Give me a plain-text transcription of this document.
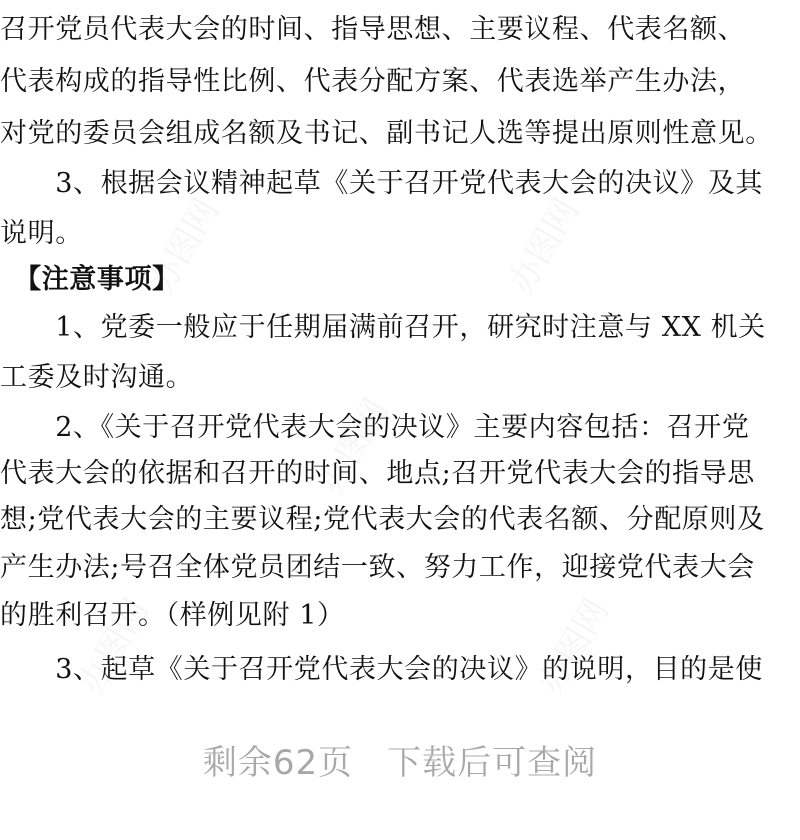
召开党员代表大会的时间、指导思想、主要议程、代表名额、
代表构成的指导性比例、代表分配方案、代表选举产生办法，
对党的委员会组成名额及书记、副书记人选等提出原则性意见。
　　3、根据会议精神起草《关于召开党代表大会的决议》及其
说明。
　【注意事项】
　　1、党委一般应于任期届满前召开，研究时注意与 XX 机关
工委及时沟通。
　　2、《关于召开党代表大会的决议》主要内容包括：召开党
代表大会的依据和召开的时间、地点;召开党代表大会的指导思
想;党代表大会的主要议程;党代表大会的代表名额、分配原则及
产生办法;号召全体党员团结一致、努力工作，迎接党代表大会
的胜利召开。（样例见附 1）
　　3、起草《关于召开党代表大会的决议》的说明，目的是使
办图网	办图网
办图网
办图网
办图网
剩余62页 下载后可查阅
